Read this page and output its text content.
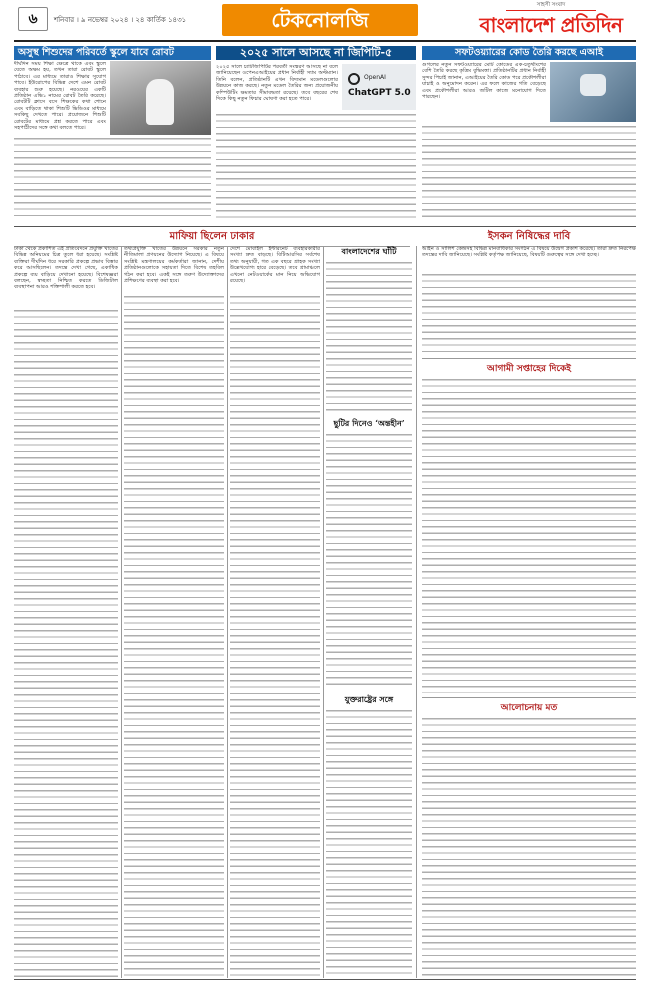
৬ শনিবার । ৯ নভেম্বর ২০২৪ । ২৪ কার্তিক ১৪৩১	টেকনোলজি
সাহসী সংবাদ
বাংলাদেশ প্রতিদিন
অসুস্থ শিশুদের পরিবর্তে স্কুলে যাবে রোবট
দীর্ঘদিন সময় শিক্ষা ক্ষেত্রে থাকে এবং স্কুলে যেতে অক্ষম হয়, তখন তারা রোবট স্কুলে পাঠাবে। এর মাধ্যমে তারাও শিক্ষার সুযোগ পাবে। ইউরোপের বিভিন্ন দেশে এমন রোবট ব্যবহার শুরু হয়েছে। নরওয়ের একটি প্রতিষ্ঠান এভি১ নামের রোবট তৈরি করেছে। রোবটটি ক্লাসে বসে শিক্ষকের কথা শোনে এবং বাড়িতে থাকা শিশুটি ভিডিওর মাধ্যমে সবকিছু দেখতে পারে। প্রয়োজনে শিশুটি রোবটের মাধ্যমে প্রশ্ন করতে পারে এবং সহপাঠীদের সঙ্গে কথা বলতে পারে।
২০২৫ সালে আসছে না জিপিটি-৫
২০২৫ সালে চ্যাটজিপিটির পরবর্তী সংস্করণ আসছে না বলে জানিয়েছেন ওপেনএআইয়ের প্রধান নির্বাহী স্যাম অল্টম্যান। তিনি বলেন, প্রতিষ্ঠানটি এখন বিদ্যমান মডেলগুলোর উন্নয়নে কাজ করছে। নতুন মডেল তৈরির জন্য প্রয়োজনীয় কম্পিউটিং ক্ষমতার সীমাবদ্ধতা রয়েছে। তবে বছরের শেষ দিকে কিছু নতুন ফিচার ঘোষণা করা হতে পারে।
OpenAI
ChatGPT 5.0
সফটওয়্যারের কোড তৈরি করছে এআই
গুগলের নতুন সফটওয়্যারের মোট কোডের এক-চতুর্থাংশের বেশি তৈরি করছে কৃত্রিম বুদ্ধিমত্তা। প্রতিষ্ঠানটির প্রধান নির্বাহী সুন্দর পিচাই জানান, এআইয়ের তৈরি কোড পরে প্রকৌশলীরা যাচাই ও অনুমোদন করেন। এর ফলে কাজের গতি বেড়েছে এবং প্রকৌশলীরা আরও জটিল কাজে মনোযোগ দিতে পারছেন।
মাফিয়া ছিলেন ঢাকার	ইসকন নিষিদ্ধের দাবি
ঢাকা থেকে প্রকাশিত এই প্রতিবেদনে প্রযুক্তি খাতের বিভিন্ন অনিয়মের চিত্র তুলে ধরা হয়েছে। সংশ্লিষ্ট ব্যক্তিরা দীর্ঘদিন ধরে সরকারি প্রকল্পে প্রভাব বিস্তার করে আসছিলেন। তদন্তে দেখা গেছে, একাধিক প্রকল্পে ব্যয় বাড়িয়ে দেখানো হয়েছে। বিশেষজ্ঞরা বলছেন, স্বচ্ছতা নিশ্চিত করতে ডিজিটাল ব্যবস্থাপনা আরও শক্তিশালী করতে হবে।
তথ্যপ্রযুক্তি খাতের উন্নয়নে সরকার নতুন নীতিমালা প্রণয়নের উদ্যোগ নিয়েছে। এ বিষয়ে সংশ্লিষ্ট মন্ত্রণালয়ের কর্মকর্তারা জানান, দেশীয় প্রতিষ্ঠানগুলোকে সহায়তা দিতে বিশেষ তহবিল গঠন করা হবে। একই সঙ্গে তরুণ উদ্যোক্তাদের প্রশিক্ষণের ব্যবস্থা করা হবে।
দেশে মোবাইল ইন্টারনেট ব্যবহারকারীর সংখ্যা দ্রুত বাড়ছে। বিটিআরসির সর্বশেষ তথ্য অনুযায়ী, গত এক বছরে গ্রাহক সংখ্যা উল্লেখযোগ্য হারে বেড়েছে। তবে গ্রামাঞ্চলে এখনো নেটওয়ার্কের মান নিয়ে অভিযোগ রয়েছে।
বাংলাদেশের ঘাঁটি
ছুটির দিনেও ‘অন্তহীন’
যুক্তরাষ্ট্রের সঙ্গে
আইন ও সালিশ কেন্দ্রসহ বিভিন্ন মানবাধিকার সংগঠন এ বিষয়ে উদ্বেগ প্রকাশ করেছে। তারা দ্রুত নিরপেক্ষ তদন্তের দাবি জানিয়েছে। সংশ্লিষ্ট কর্তৃপক্ষ জানিয়েছে, বিষয়টি গুরুত্বের সঙ্গে দেখা হচ্ছে।
আগামী সপ্তাহের দিকেই
আলোচনায় মত
